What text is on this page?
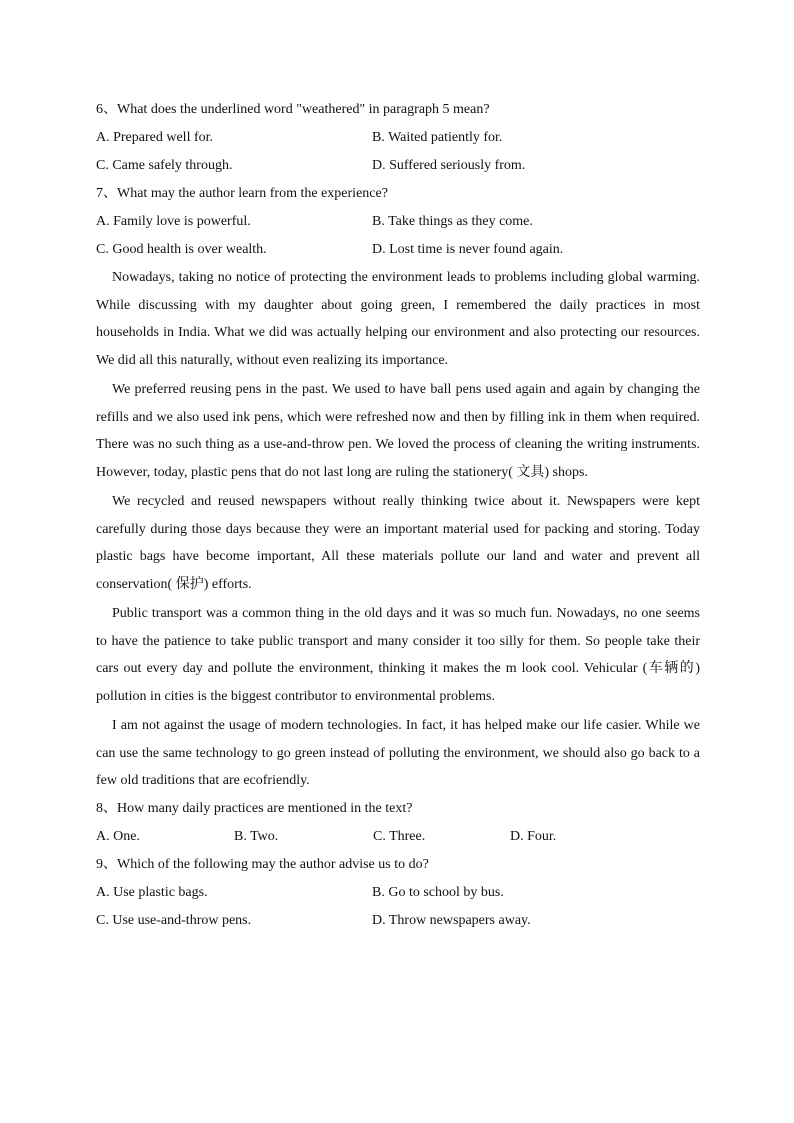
6、What does the underlined word "weathered" in paragraph 5 mean?
A. Prepared well for.	B. Waited patiently for.
C. Came safely through.	D. Suffered seriously from.
7、What may the author learn from the experience?
A. Family love is powerful.	B. Take things as they come.
C. Good health is over wealth.	D. Lost time is never found again.

Nowadays, taking no notice of protecting the environment leads to problems including global warming. While discussing with my daughter about going green, I remembered the daily practices in most households in India. What we did was actually helping our environment and also protecting our resources. We did all this naturally, without even realizing its importance.

We preferred reusing pens in the past. We used to have ball pens used again and again by changing the refills and we also used ink pens, which were refreshed now and then by filling ink in them when required. There was no such thing as a use-and-throw pen. We loved the process of cleaning the writing instruments. However, today, plastic pens that do not last long are ruling the stationery( 文具) shops.

We recycled and reused newspapers without really thinking twice about it. Newspapers were kept carefully during those days because they were an important material used for packing and storing. Today plastic bags have become important, All these materials pollute our land and water and prevent all conservation( 保护) efforts.

Public transport was a common thing in the old days and it was so much fun. Nowadays, no one seems to have the patience to take public transport and many consider it too silly for them. So people take their cars out every day and pollute the environment, thinking it makes the m look cool. Vehicular (车辆的) pollution in cities is the biggest contributor to environmental problems.

I am not against the usage of modern technologies. In fact, it has helped make our life casier. While we can use the same technology to go green instead of polluting the environment, we should also go back to a few old traditions that are ecofriendly.

8、How many daily practices are mentioned in the text?
A. One.	B. Two.	C. Three.	D. Four.
9、Which of the following may the author advise us to do?
A. Use plastic bags.	B. Go to school by bus.
C. Use use-and-throw pens.	D. Throw newspapers away.
